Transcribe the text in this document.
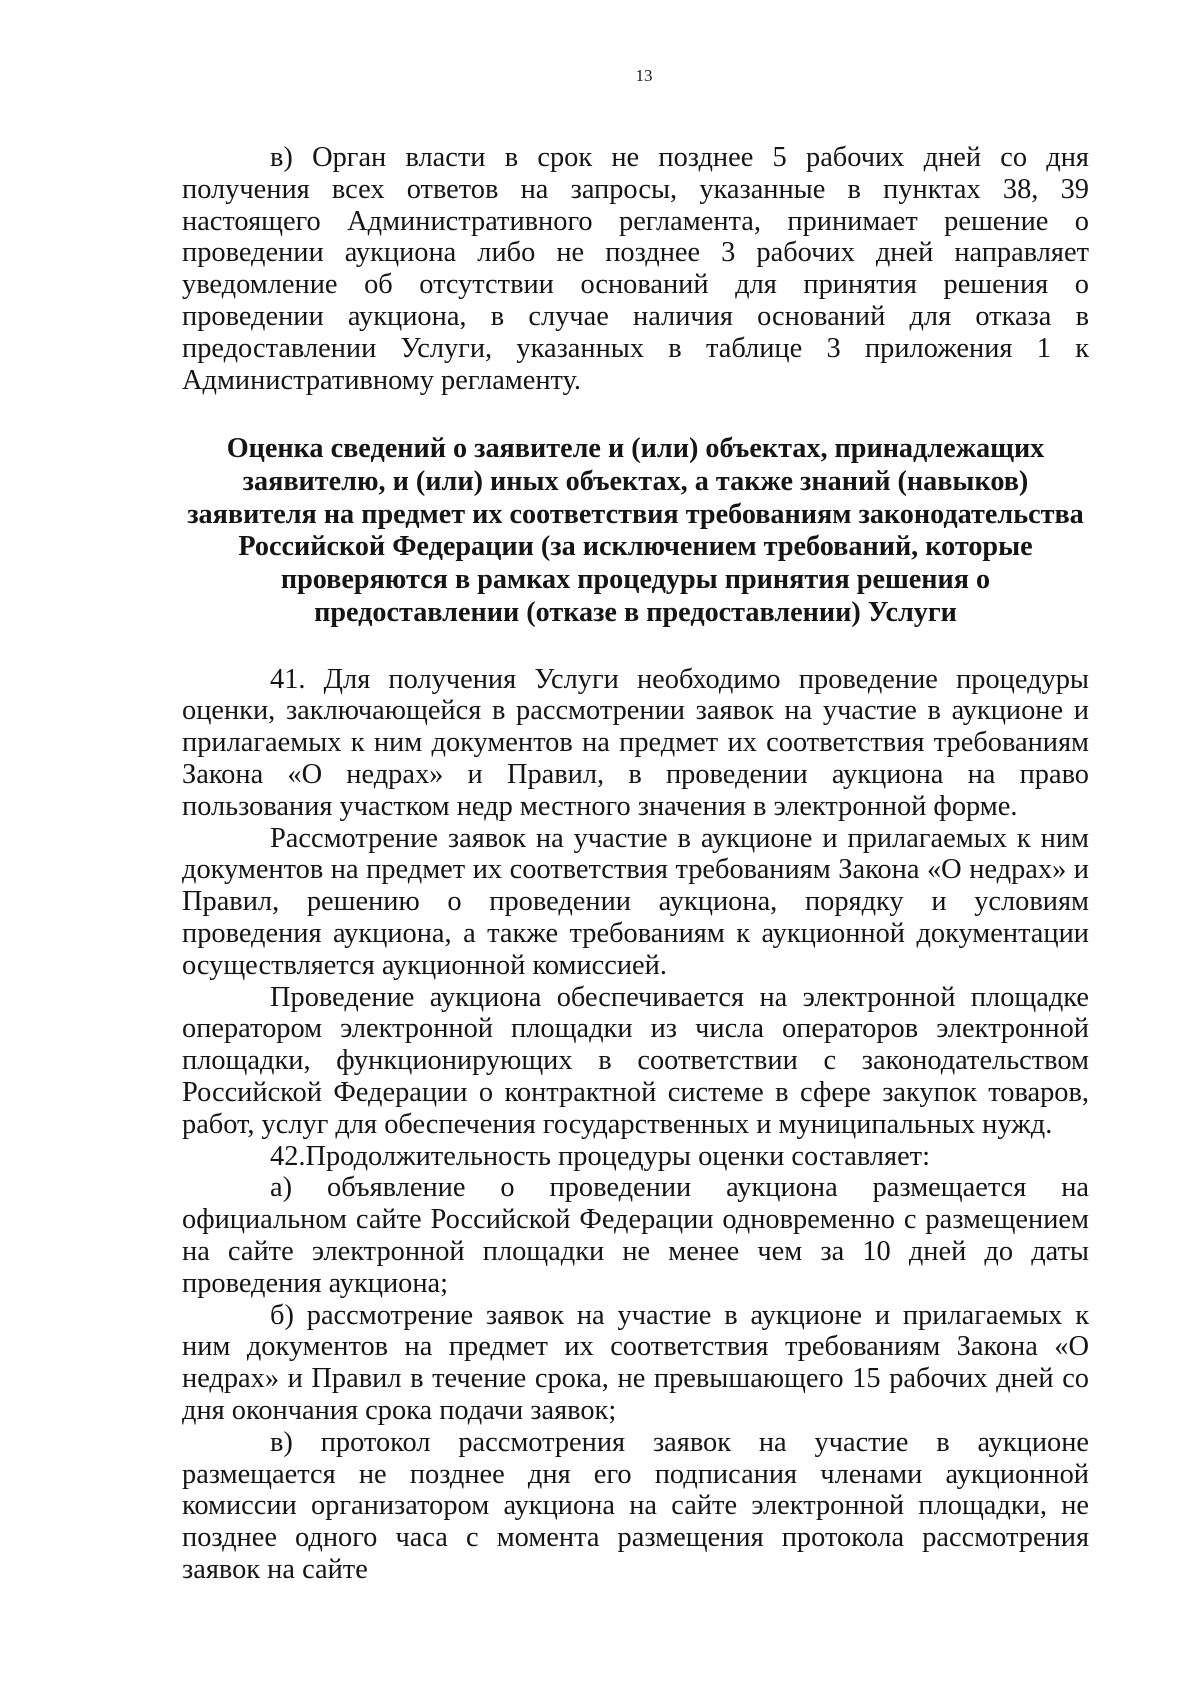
13

в) Орган власти в срок не позднее 5 рабочих дней со дня получения всех ответов на запросы, указанные в пунктах 38, 39 настоящего Административного регламента, принимает решение о проведении аукциона либо не позднее 3 рабочих дней направляет уведомление об отсутствии оснований для принятия решения о проведении аукциона, в случае наличия оснований для отказа в предоставлении Услуги, указанных в таблице 3 приложения 1 к Административному регламенту.

Оценка сведений о заявителе и (или) объектах, принадлежащих
заявителю, и (или) иных объектах, а также знаний (навыков)
заявителя на предмет их соответствия требованиям законодательства
Российской Федерации (за исключением требований, которые
проверяются в рамках процедуры принятия решения о
предоставлении (отказе в предоставлении) Услуги

41. Для получения Услуги необходимо проведение процедуры оценки, заключающейся в рассмотрении заявок на участие в аукционе и прилагаемых к ним документов на предмет их соответствия требованиям Закона «О недрах» и Правил, в проведении аукциона на право пользования участком недр местного значения в электронной форме.

Рассмотрение заявок на участие в аукционе и прилагаемых к ним документов на предмет их соответствия требованиям Закона «О недрах» и Правил, решению о проведении аукциона, порядку и условиям проведения аукциона, а также требованиям к аукционной документации осуществляется аукционной комиссией.

Проведение аукциона обеспечивается на электронной площадке оператором электронной площадки из числа операторов электронной площадки, функционирующих в соответствии с законодательством Российской Федерации о контрактной системе в сфере закупок товаров, работ, услуг для обеспечения государственных и муниципальных нужд.

42.Продолжительность процедуры оценки составляет:

а) объявление о проведении аукциона размещается на официальном сайте Российской Федерации одновременно с размещением на сайте электронной площадки не менее чем за 10 дней до даты проведения аукциона;

б) рассмотрение заявок на участие в аукционе и прилагаемых к ним документов на предмет их соответствия требованиям Закона «О недрах» и Правил в течение срока, не превышающего 15 рабочих дней со дня окончания срока подачи заявок;

в) протокол рассмотрения заявок на участие в аукционе размещается не позднее дня его подписания членами аукционной комиссии организатором аукциона на сайте электронной площадки, не позднее одного часа с момента размещения протокола рассмотрения заявок на сайте
